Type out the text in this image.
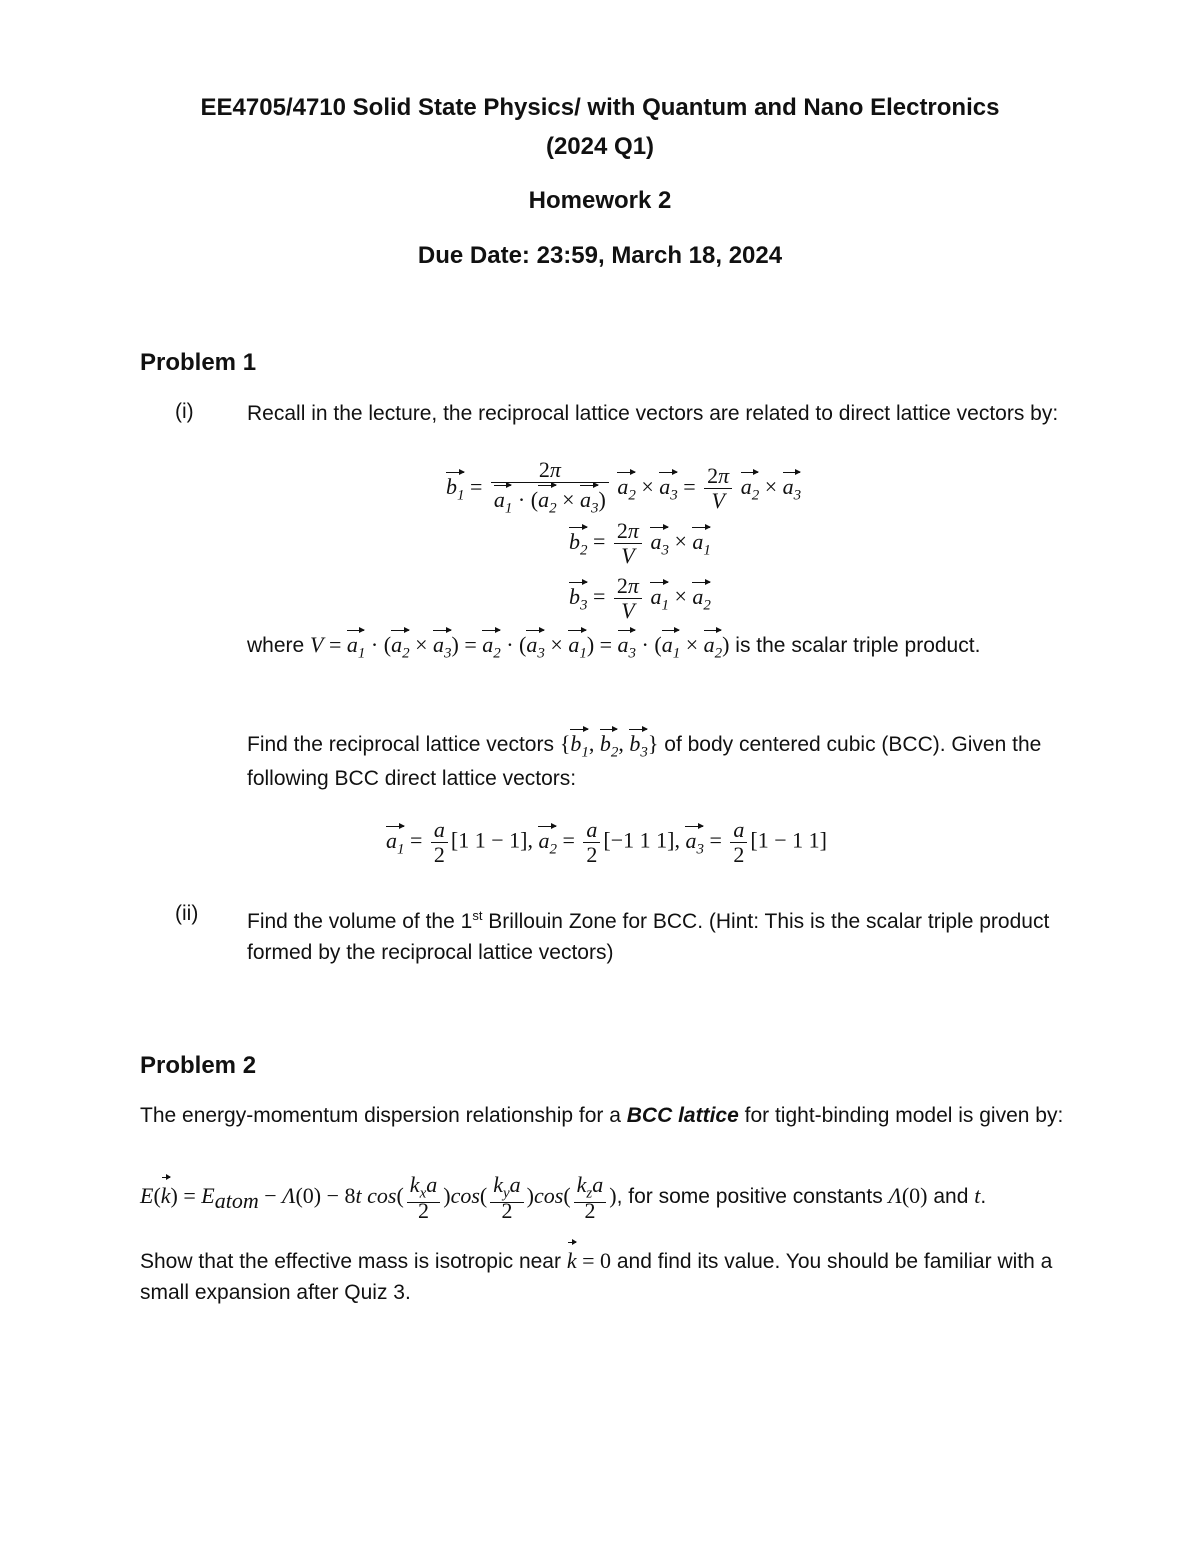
EE4705/4710 Solid State Physics/ with Quantum and Nano Electronics
(2024 Q1)
Homework 2
Due Date: 23:59, March 18, 2024
Problem 1
(i)	Recall in the lecture, the reciprocal lattice vectors are related to direct lattice vectors by:
$b_1 = \frac{2\pi}{a_1 \cdot (a_2 \times a_3)} a_2 \times a_3 = \frac{2\pi}{V} a_2 \times a_3$
$b_2 = \frac{2\pi}{V} a_3 \times a_1$
$b_3 = \frac{2\pi}{V} a_1 \times a_2$
where $V = a_1 \cdot (a_2 \times a_3) = a_2 \cdot (a_3 \times a_1) = a_3 \cdot (a_1 \times a_2)$ is the scalar triple product.
Find the reciprocal lattice vectors {$b_1$, $b_2$, $b_3$} of body centered cubic (BCC). Given the following BCC direct lattice vectors:
$a_1 = \frac{a}{2} [1$ 1 − 1], $a_2 = \frac{a}{2} [-1$ 1 1], $a_3 = \frac{a}{2} [1 - 1$ 1]
(ii) Find the volume of the 1st Brillouin Zone for BCC. (Hint: This is the scalar triple product formed by the reciprocal lattice vectors)
Problem 2
The energy-momentum dispersion relationship for a BCC lattice for tight-binding model is given by:
$E(k) = E_{atom} - \Lambda(0) - 8t$ $\cos( \frac{k_xa}{2} )\cos( \frac{k_ya}{2} )\cos( \frac{k_za}{2}$ ), for some positive constants Λ(0) and t.
Show that the effective mass is isotropic near k = 0 and find its value. You should be familiar with a small expansion after Quiz 3.
